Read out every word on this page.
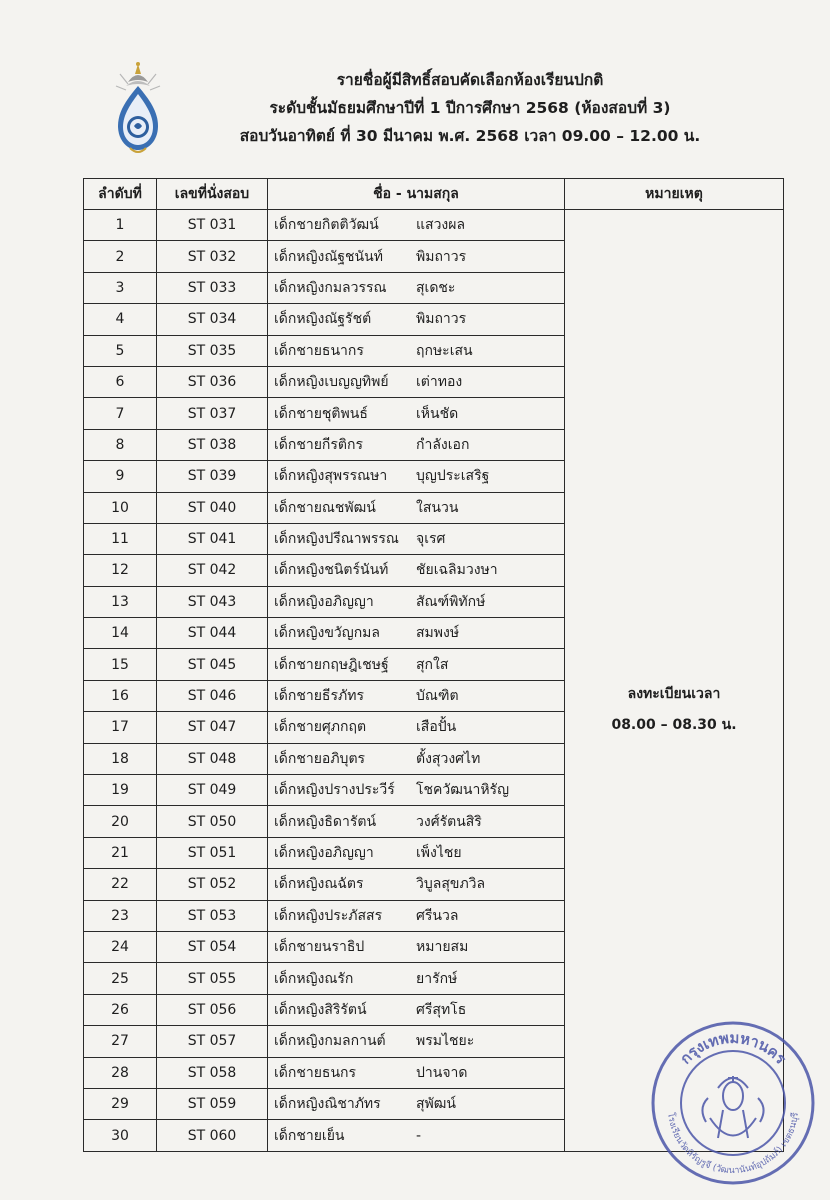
รายชื่อผู้มีสิทธิ์สอบคัดเลือกห้องเรียนปกติ
ระดับชั้นมัธยมศึกษาปีที่ 1 ปีการศึกษา 2568 (ห้องสอบที่ 3)
สอบวันอาทิตย์ ที่ 30 มีนาคม พ.ศ. 2568 เวลา 09.00 – 12.00 น.
ลำดับที่	เลขที่นั่งสอบ	ชื่อ - นามสกุล	หมายเหตุ
1	ST 031	เด็กชายกิตติวัฒน์ แสวงผล	ลงทะเบียนเวลา
08.00 – 08.30 น.

2	ST 032	เด็กหญิงณัฐชนันท์ พิมถาวร	
3	ST 033	เด็กหญิงกมลวรรณ สุเดชะ	
4	ST 034	เด็กหญิงณัฐรัชต์ พิมถาวร	
5	ST 035	เด็กชายธนากร ฤกษะเสน	
6	ST 036	เด็กหญิงเบญญทิพย์ เต่าทอง	
7	ST 037	เด็กชายชุติพนธ์ เห็นชัด	
8	ST 038	เด็กชายกีรติกร กำลังเอก	
9	ST 039	เด็กหญิงสุพรรณษา บุญประเสริฐ	
10	ST 040	เด็กชายณชพัฒน์ ใสนวน	
11	ST 041	เด็กหญิงปรีณาพรรณ จุเรศ	
12	ST 042	เด็กหญิงชนิตร์นันท์ ชัยเฉลิมวงษา	
13	ST 043	เด็กหญิงอภิญญา สัณฑ์พิทักษ์	
14	ST 044	เด็กหญิงขวัญกมล สมพงษ์	
15	ST 045	เด็กชายกฤษฎิเชษฐ์ สุกใส	
16	ST 046	เด็กชายธีรภัทร บัณฑิต	
17	ST 047	เด็กชายศุภกฤต เสือปั้น	
18	ST 048	เด็กชายอภิบุตร ตั้งสุวงศไท	
19	ST 049	เด็กหญิงปรางประวีร์ โชควัฒนาหิรัญ	
20	ST 050	เด็กหญิงธิดารัตน์ วงศ์รัตนสิริ	
21	ST 051	เด็กหญิงอภิญญา เพ็งไชย	
22	ST 052	เด็กหญิงณฉัตร วิบูลสุขภวิล	
23	ST 053	เด็กหญิงประภัสสร ศรีนวล	
24	ST 054	เด็กชายนราธิป หมายสม	
25	ST 055	เด็กหญิงณรัก ยารักษ์	
26	ST 056	เด็กหญิงสิริรัตน์ ศรีสุทโธ	
27	ST 057	เด็กหญิงกมลกานต์ พรมไชยะ	
28	ST 058	เด็กชายธนกร ปานจาด	
29	ST 059	เด็กหญิงณิชาภัทร สุพัฒน์	
30	ST 060	เด็กชายเย็น -	
กรุงเทพมหานคร
โรงเรียนวัดหิรัญรูจี (วัฒนานันท์อุปถัมภ์) เขตธนบุรี
